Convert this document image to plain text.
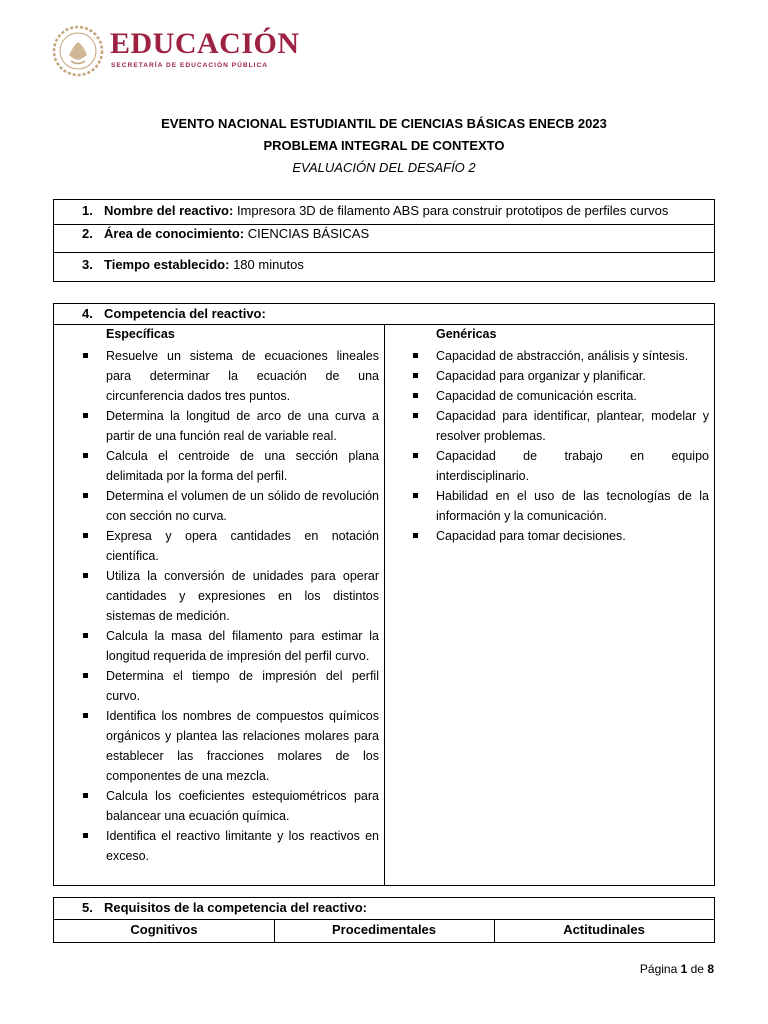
EDUCACIÓN
SECRETARÍA DE EDUCACIÓN PÚBLICA
EVENTO NACIONAL ESTUDIANTIL DE CIENCIAS BÁSICAS ENECB 2023
PROBLEMA INTEGRAL DE CONTEXTO
EVALUACIÓN DEL DESAFÍO 2
1. Nombre del reactivo: Impresora 3D de filamento ABS para construir prototipos de perfiles curvos
2. Área de conocimiento: CIENCIAS BÁSICAS
3. Tiempo establecido: 180 minutos
4. Competencia del reactivo:
Específicas	Genéricas
Resuelve un sistema de ecuaciones lineales para determinar la ecuación de una circunferencia dados tres puntos.
Determina la longitud de arco de una curva a partir de una función real de variable real.
Calcula el centroide de una sección plana delimitada por la forma del perfil.
Determina el volumen de un sólido de revolución con sección no curva.
Expresa y opera cantidades en notación científica.
Utiliza la conversión de unidades para operar cantidades y expresiones en los distintos sistemas de medición.
Calcula la masa del filamento para estimar la longitud requerida de impresión del perfil curvo.
Determina el tiempo de impresión del perfil curvo.
Identifica los nombres de compuestos químicos orgánicos y plantea las relaciones molares para establecer las fracciones molares de los componentes de una mezcla.
Calcula los coeficientes estequiométricos para balancear una ecuación química.
Identifica el reactivo limitante y los reactivos en exceso.
Capacidad de abstracción, análisis y síntesis.
Capacidad para organizar y planificar.
Capacidad de comunicación escrita.
Capacidad para identificar, plantear, modelar y resolver problemas.
Capacidad de trabajo en equipo interdisciplinario.
Habilidad en el uso de las tecnologías de la información y la comunicación.
Capacidad para tomar decisiones.
5. Requisitos de la competencia del reactivo:
Cognitivos	Procedimentales	Actitudinales
Página 1 de 8
